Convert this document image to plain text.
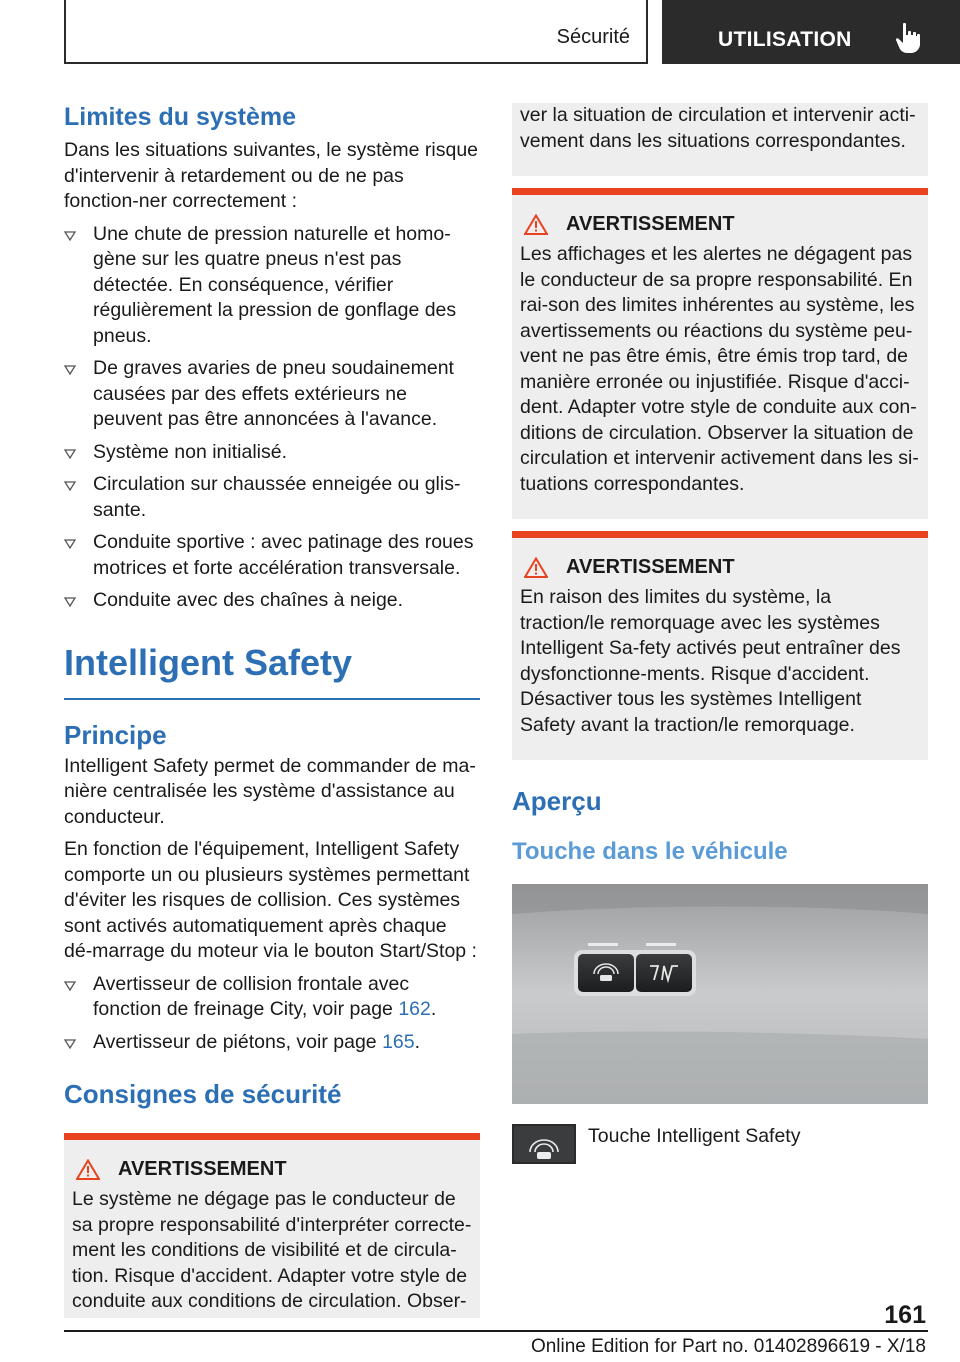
Sécurité	UTILISATION
Limites du système

Dans les situations suivantes, le système risque d'intervenir à retardement ou de ne pas fonction-ner correctement :

Une chute de pression naturelle et homo-gène sur les quatre pneus n'est pas détectée. En conséquence, vérifier régulièrement la pression de gonflage des pneus.
De graves avaries de pneu soudainement causées par des effets extérieurs ne peuvent pas être annoncées à l'avance.
Système non initialisé.
Circulation sur chaussée enneigée ou glis-sante.
Conduite sportive : avec patinage des roues motrices et forte accélération transversale.
Conduite avec des chaînes à neige.
Intelligent Safety
Principe

Intelligent Safety permet de commander de ma-nière centralisée les système d'assistance au conducteur.

En fonction de l'équipement, Intelligent Safety comporte un ou plusieurs systèmes permettant d'éviter les risques de collision. Ces systèmes sont activés automatiquement après chaque dé-marrage du moteur via le bouton Start/Stop :

Avertisseur de collision frontale avec fonction de freinage City, voir page 162.
Avertisseur de piétons, voir page 165.
Consignes de sécurité
AVERTISSEMENT

Le système ne dégage pas le conducteur de sa propre responsabilité d'interpréter correcte-ment les conditions de visibilité et de circula-tion. Risque d'accident. Adapter votre style de conduite aux conditions de circulation. Obser-

ver la situation de circulation et intervenir acti-vement dans les situations correspondantes.

AVERTISSEMENT

Les affichages et les alertes ne dégagent pas le conducteur de sa propre responsabilité. En rai-son des limites inhérentes au système, les avertissements ou réactions du système peu-vent ne pas être émis, être émis trop tard, de manière erronée ou injustifiée. Risque d'acci-dent. Adapter votre style de conduite aux con-ditions de circulation. Observer la situation de circulation et intervenir activement dans les si-tuations correspondantes.

AVERTISSEMENT

En raison des limites du système, la traction/le remorquage avec les systèmes Intelligent Sa-fety activés peut entraîner des dysfonctionne-ments. Risque d'accident. Désactiver tous les systèmes Intelligent Safety avant la traction/le remorquage.

Aperçu
Touche dans le véhicule

Touche Intelligent Safety

161
Online Edition for Part no. 01402896619 - X/18
